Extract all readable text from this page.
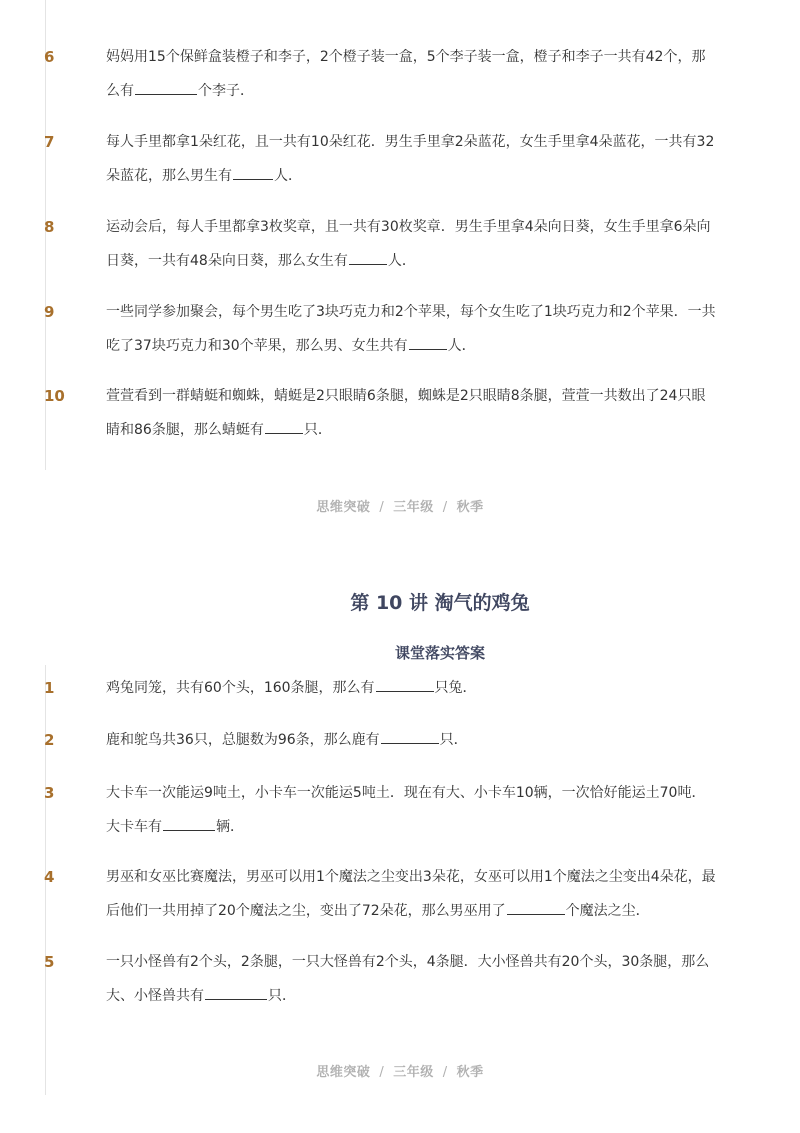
6	妈妈用15个保鲜盒装橙子和李子，2个橙子装一盒，5个李子装一盒，橙子和李子一共有42个，那么有	个李子．
7	每人手里都拿1朵红花，且一共有10朵红花．男生手里拿2朵蓝花，女生手里拿4朵蓝花，一共有32朵蓝花，那么男生有	人．
8	运动会后，每人手里都拿3枚奖章，且一共有30枚奖章．男生手里拿4朵向日葵，女生手里拿6朵向日葵，一共有48朵向日葵，那么女生有	人．
9	一些同学参加聚会，每个男生吃了3块巧克力和2个苹果，每个女生吃了1块巧克力和2个苹果．一共吃了37块巧克力和30个苹果，那么男、女生共有	人．
10	萱萱看到一群蜻蜓和蜘蛛，蜻蜓是2只眼睛6条腿，蜘蛛是2只眼睛8条腿，萱萱一共数出了24只眼睛和86条腿，那么蜻蜓有	只．
思维突破 / 三年级 / 秋季
第 10 讲 淘气的鸡兔
课堂落实答案
1	鸡兔同笼，共有60个头，160条腿，那么有	只兔．
2	鹿和鸵鸟共36只，总腿数为96条，那么鹿有	只．
3	大卡车一次能运9吨土，小卡车一次能运5吨土．现在有大、小卡车10辆，一次恰好能运土70吨．大卡车有	辆．
4	男巫和女巫比赛魔法，男巫可以用1个魔法之尘变出3朵花，女巫可以用1个魔法之尘变出4朵花，最后他们一共用掉了20个魔法之尘，变出了72朵花，那么男巫用了	个魔法之尘．
5	一只小怪兽有2个头，2条腿，一只大怪兽有2个头，4条腿．大小怪兽共有20个头，30条腿，那么大、小怪兽共有	只．
思维突破 / 三年级 / 秋季
